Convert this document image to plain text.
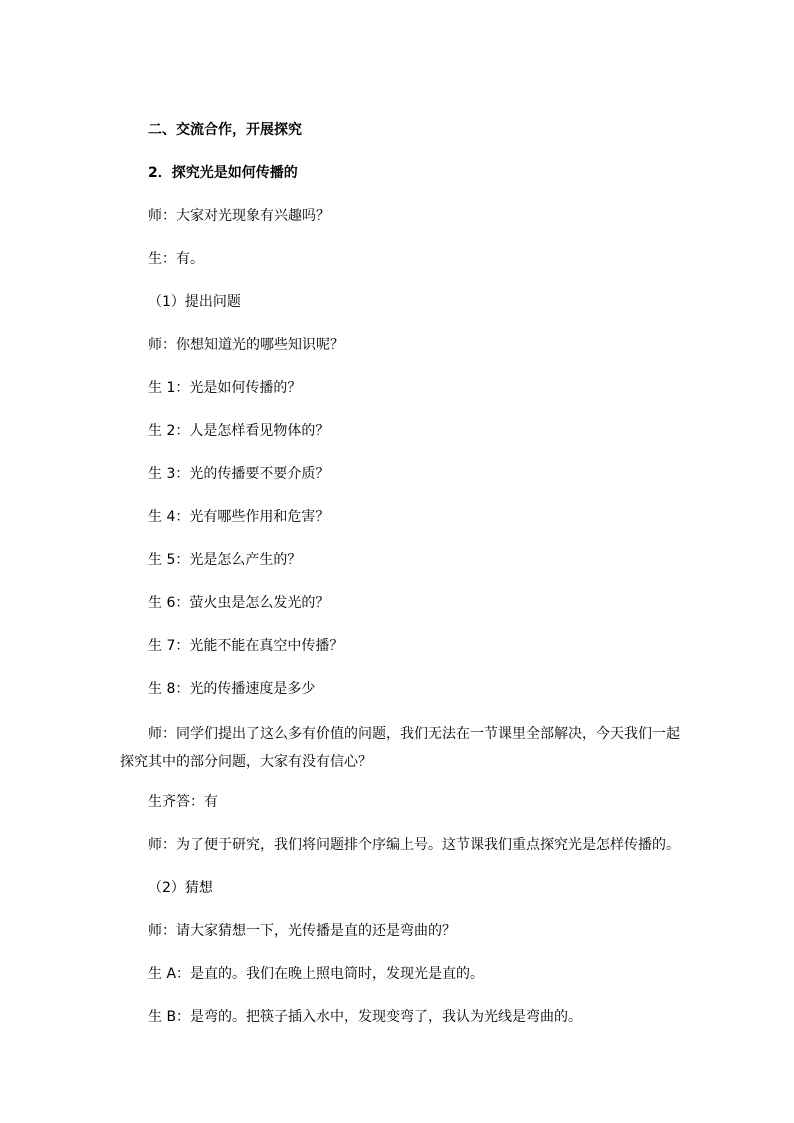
二、交流合作，开展探究
2．探究光是如何传播的
师：大家对光现象有兴趣吗？
生：有。
（1）提出问题
师：你想知道光的哪些知识呢？
生 1：光是如何传播的？
生 2：人是怎样看见物体的？
生 3：光的传播要不要介质？
生 4：光有哪些作用和危害？
生 5：光是怎么产生的？
生 6：萤火虫是怎么发光的？
生 7：光能不能在真空中传播？
生 8：光的传播速度是多少
师：同学们提出了这么多有价值的问题，我们无法在一节课里全部解决，今天我们一起
探究其中的部分问题，大家有没有信心？
生齐答：有
师：为了便于研究，我们将问题排个序编上号。这节课我们重点探究光是怎样传播的。
（2）猜想
师：请大家猜想一下，光传播是直的还是弯曲的？
生 A：是直的。我们在晚上照电筒时，发现光是直的。
生 B：是弯的。把筷子插入水中，发现变弯了，我认为光线是弯曲的。
